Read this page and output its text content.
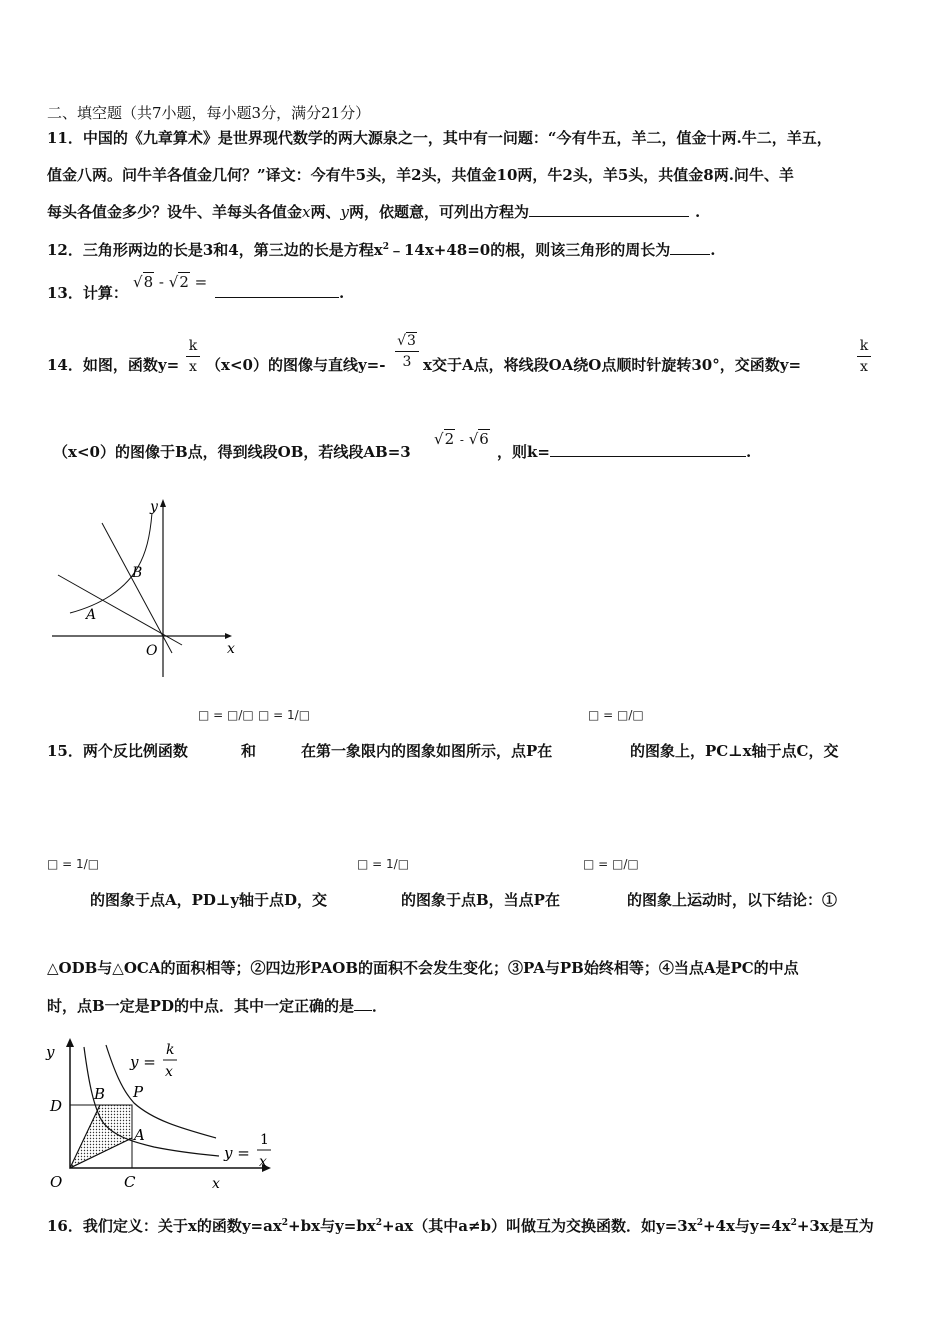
二、填空题（共7小题，每小题3分，满分21分）
11．中国的《九章算术》是世界现代数学的两大源泉之一，其中有一问题：“今有牛五，羊二，值金十两.牛二，羊五，
值金八两。问牛羊各值金几何？”译文：今有牛5头，羊2头，共值金10两，牛2头，羊5头，共值金8两.问牛、羊
每头各值金多少？设牛、羊每头各值金x两、y两，依题意，可列出方程为	.
12．三角形两边的长是3和4，第三边的长是方程$x^2﹣14x+48=0$的根，则该三角形的周长为	.
13．计算：
√8 - √2 =
.
14．如图，函数y=
k
x （x<0）的图像与直线y=-
√3
3 x交于A点，将线段OA绕O点顺时针旋转30°，交函数y=
k
x
（x<0）的图像于B点，得到线段OB，若线段AB=3
√2 - √6
，则k=	.
y
x
O
A
B
□ = □/□ □ = 1/□	□ = □/□
15．两个反比例函数	和	在第一象限内的图象如图所示，点P在	的图象上，PC⊥x轴于点C，交
□ = 1/□	□ = 1/□	□ = □/□
的图象于点A，PD⊥y轴于点D，交	的图象于点B，当点P在	的图象上运动时，以下结论：①
△ODB与△OCA的面积相等；②四边形PAOB的面积不会发生变化；③PA与PB始终相等；④当点A是PC的中点
时，点B一定是PD的中点．其中一定正确的是 ．
y
x
O	C
D
B P
A
y =
k
x
y =
1
x
16．我们定义：关于x的函数$y=ax^2+bx$与$y=bx^2+ax$（其中a≠b）叫做互为交换函数．如$y=3x^2+4x$与$y=4x^2+3x$是互为
